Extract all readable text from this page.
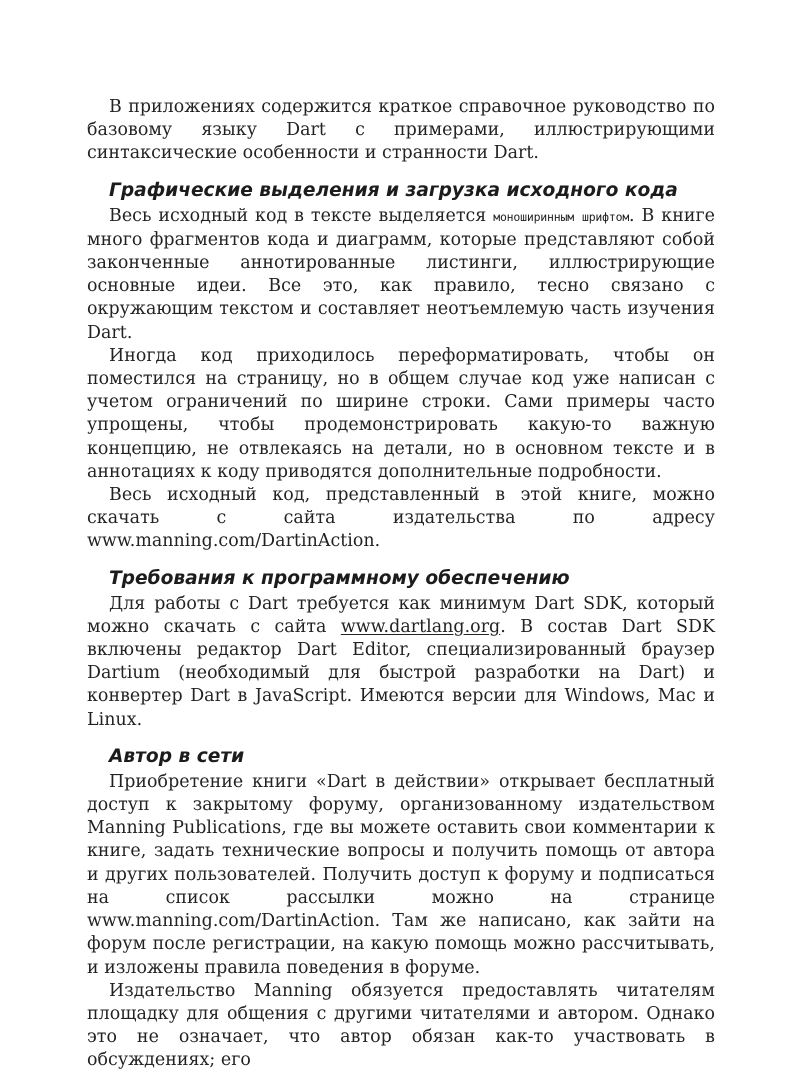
В приложениях содержится краткое справочное руководство по базовому языку Dart с примерами, иллюстрирующими синтаксические особенности и странности Dart.

Графические выделения и загрузка исходного кода

Весь исходный код в тексте выделяется моноширинным шрифтом. В книге много фрагментов кода и диаграмм, которые представляют собой законченные аннотированные листинги, иллюстрирующие основные идеи. Все это, как правило, тесно связано с окружающим текстом и составляет неотъемлемую часть изучения Dart.

Иногда код приходилось переформатировать, чтобы он поместился на страницу, но в общем случае код уже написан с учетом ограничений по ширине строки. Сами примеры часто упрощены, чтобы продемонстрировать какую-то важную концепцию, не отвлекаясь на детали, но в основном тексте и в аннотациях к коду приводятся дополнительные подробности.

Весь исходный код, представленный в этой книге, можно скачать с сайта издательства по адресу www.manning.com/DartinAction.

Требования к программному обеспечению

Для работы с Dart требуется как минимум Dart SDK, который можно скачать с сайта www.dartlang.org. В состав Dart SDK включены редактор Dart Editor, специализированный браузер Dartium (необходимый для быстрой разработки на Dart) и конвертер Dart в JavaScript. Имеются версии для Windows, Mac и Linux.

Автор в сети

Приобретение книги «Dart в действии» открывает бесплатный доступ к закрытому форуму, организованному издательством Manning Publications, где вы можете оставить свои комментарии к книге, задать технические вопросы и получить помощь от автора и других пользователей. Получить доступ к форуму и подписаться на список рассылки можно на странице www.manning.com/DartinAction. Там же написано, как зайти на форум после регистрации, на какую помощь можно рассчитывать, и изложены правила поведения в форуме.

Издательство Manning обязуется предоставлять читателям площадку для общения с другими читателями и автором. Однако это не означает, что автор обязан как-то участвовать в обсуждениях; его
